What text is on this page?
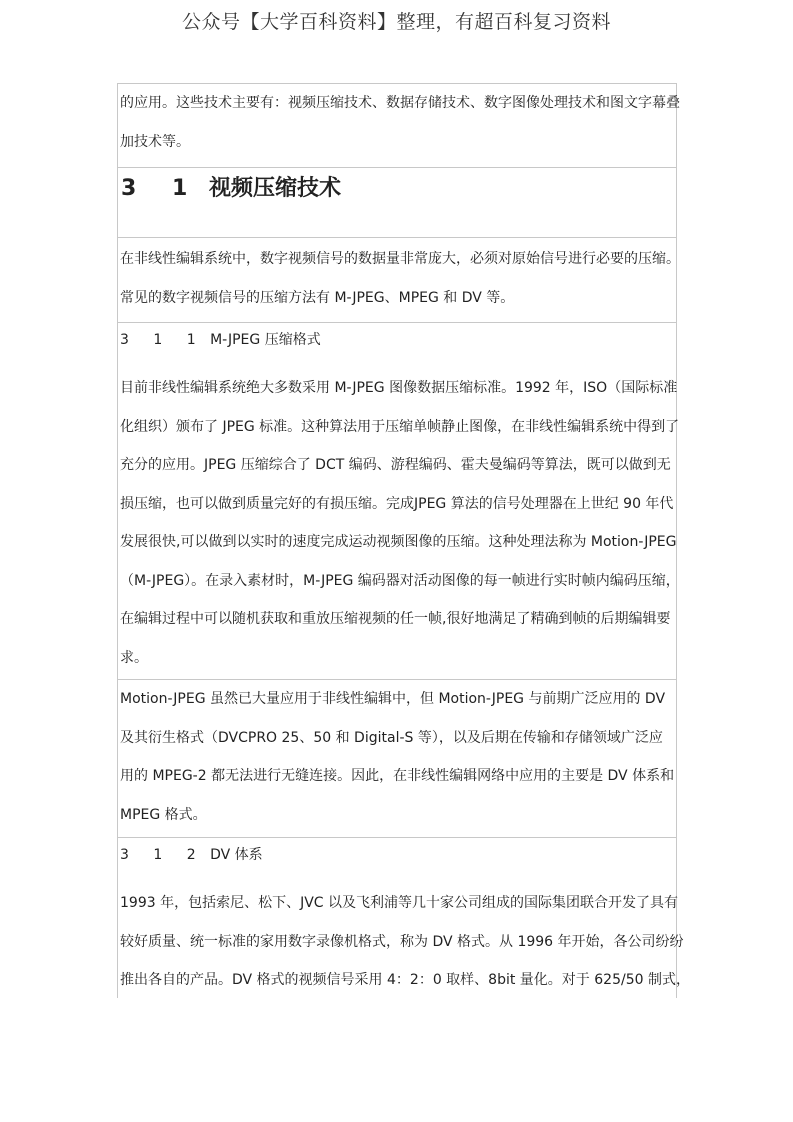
公众号【大学百科资料】整理，有超百科复习资料
的应用。这些技术主要有：视频压缩技术、数据存储技术、数字图像处理技术和图文字幕叠
加技术等。
3 1 视频压缩技术
在非线性编辑系统中，数字视频信号的数据量非常庞大，必须对原始信号进行必要的压缩。
常见的数字视频信号的压缩方法有 M-JPEG、MPEG 和 DV 等。
3 1 1 M-JPEG 压缩格式
目前非线性编辑系统绝大多数采用 M-JPEG 图像数据压缩标准。1992 年，ISO（国际标准
化组织）颁布了 JPEG 标准。这种算法用于压缩单帧静止图像，在非线性编辑系统中得到了
充分的应用。JPEG 压缩综合了 DCT 编码、游程编码、霍夫曼编码等算法，既可以做到无
损压缩，也可以做到质量完好的有损压缩。完成JPEG 算法的信号处理器在上世纪 90 年代
发展很快,可以做到以实时的速度完成运动视频图像的压缩。这种处理法称为 Motion-JPEG
（M-JPEG）。在录入素材时，M-JPEG 编码器对活动图像的每一帧进行实时帧内编码压缩，
在编辑过程中可以随机获取和重放压缩视频的任一帧,很好地满足了精确到帧的后期编辑要
求。
Motion-JPEG 虽然已大量应用于非线性编辑中，但 Motion-JPEG 与前期广泛应用的 DV
及其衍生格式（DVCPRO 25、50 和 Digital-S 等），以及后期在传输和存储领域广泛应
用的 MPEG-2 都无法进行无缝连接。因此，在非线性编辑网络中应用的主要是 DV 体系和
MPEG 格式。
3 1 2 DV 体系
1993 年，包括索尼、松下、JVC 以及飞利浦等几十家公司组成的国际集团联合开发了具有
较好质量、统一标准的家用数字录像机格式，称为 DV 格式。从 1996 年开始，各公司纷纷
推出各自的产品。DV 格式的视频信号采用 4：2：0 取样、8bit 量化。对于 625/50 制式，
